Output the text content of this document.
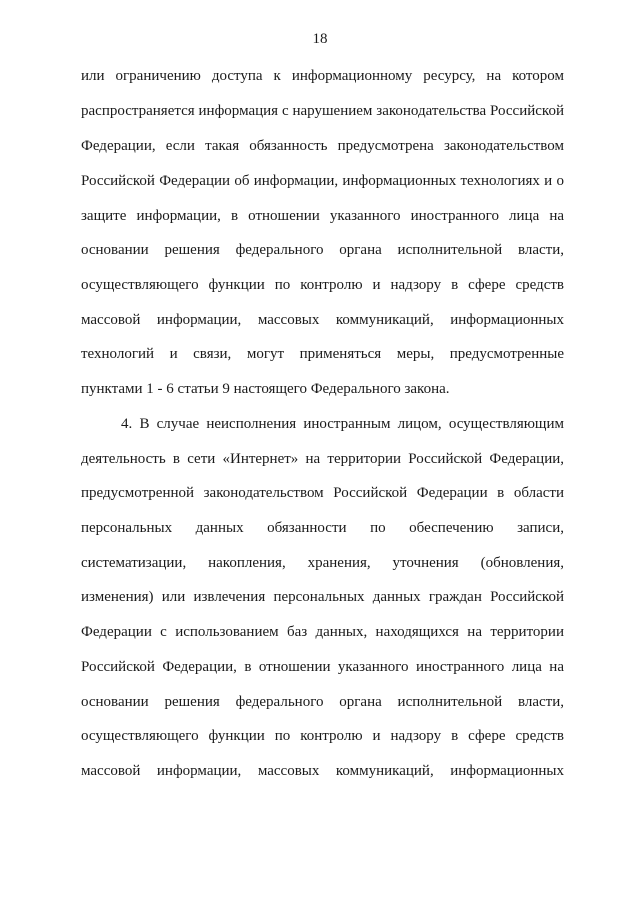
18
или ограничению доступа к информационному ресурсу, на котором
распространяется информация с нарушением законодательства Российской
Федерации, если такая обязанность предусмотрена законодательством
Российской Федерации об информации, информационных технологиях и о
защите информации, в отношении указанного иностранного лица на
основании решения федерального органа исполнительной власти,
осуществляющего функции по контролю и надзору в сфере средств
массовой информации, массовых коммуникаций, информационных
технологий и связи, могут применяться меры, предусмотренные
пунктами 1 - 6 статьи 9 настоящего Федерального закона.
4. В случае неисполнения иностранным лицом, осуществляющим
деятельность в сети «Интернет» на территории Российской Федерации,
предусмотренной законодательством Российской Федерации в области
персональных данных обязанности по обеспечению записи,
систематизации, накопления, хранения, уточнения (обновления,
изменения) или извлечения персональных данных граждан Российской
Федерации с использованием баз данных, находящихся на территории
Российской Федерации, в отношении указанного иностранного лица на
основании решения федерального органа исполнительной власти,
осуществляющего функции по контролю и надзору в сфере средств
массовой информации, массовых коммуникаций, информационных
